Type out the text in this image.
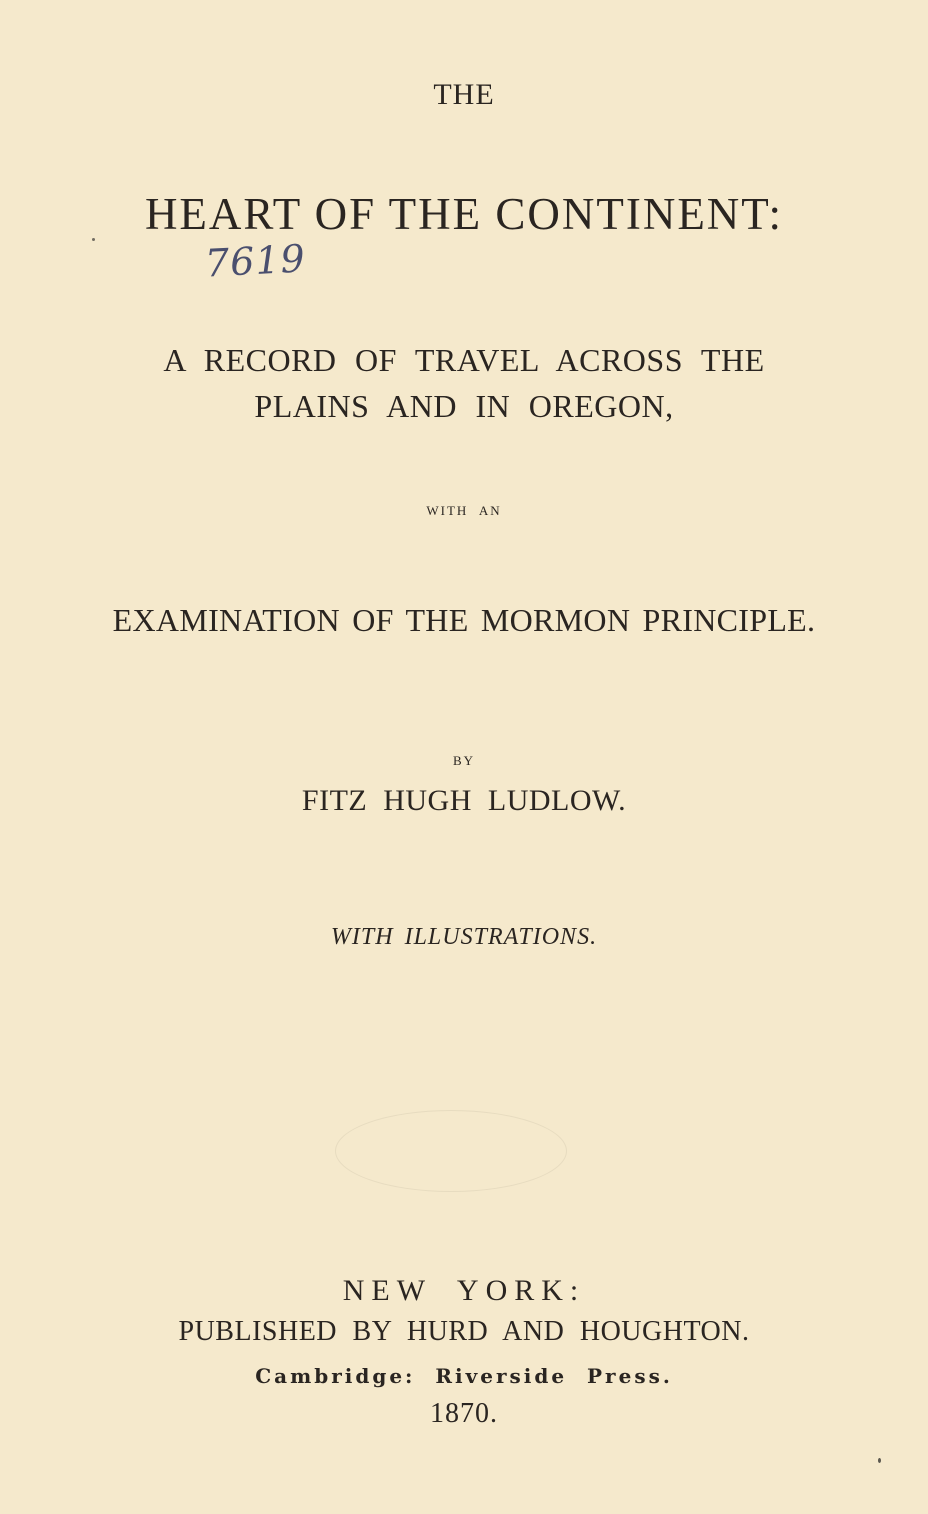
THE
HEART OF THE CONTINENT:
7619
A RECORD OF TRAVEL ACROSS THE
PLAINS AND IN OREGON,
WITH AN
EXAMINATION OF THE MORMON PRINCIPLE.
BY
FITZ HUGH LUDLOW.
WITH ILLUSTRATIONS.
NEW YORK:
PUBLISHED BY HURD AND HOUGHTON.
Cambridge: Riverside Press.
1870.
